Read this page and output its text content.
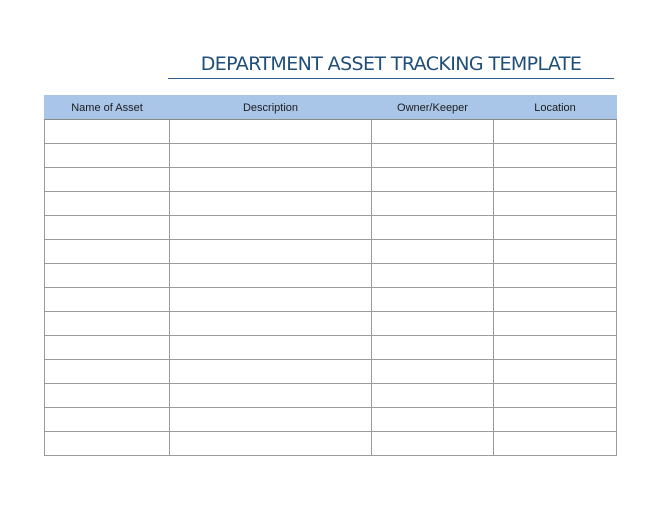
DEPARTMENT ASSET TRACKING TEMPLATE
Name of Asset	Description	Owner/Keeper	Location
